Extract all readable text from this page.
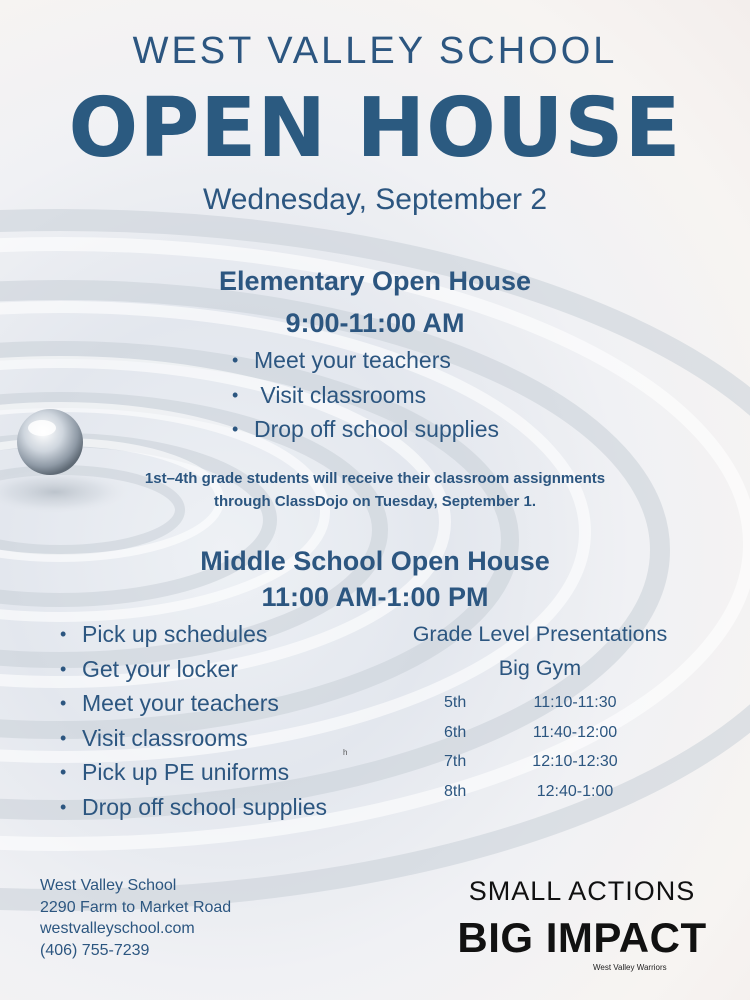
WEST VALLEY SCHOOL
OPEN HOUSE
Wednesday, September 2
Elementary Open House
9:00-11:00 AM
• Meet your teachers
• Visit classrooms
• Drop off school supplies
1st–4th grade students will receive their classroom assignments
through ClassDojo on Tuesday, September 1.
Middle School Open House
11:00 AM-1:00 PM
• Pick up schedules
• Get your locker
• Meet your teachers
• Visit classrooms
• Pick up PE uniforms
• Drop off school supplies
Grade Level Presentations
Big Gym
5th	11:10-11:30
6th	11:40-12:00
7th	12:10-12:30
8th	12:40-1:00
h
West Valley School
2290 Farm to Market Road
westvalleyschool.com
(406) 755-7239
SMALL ACTIONS
BIG IMPACT
West Valley Warriors
